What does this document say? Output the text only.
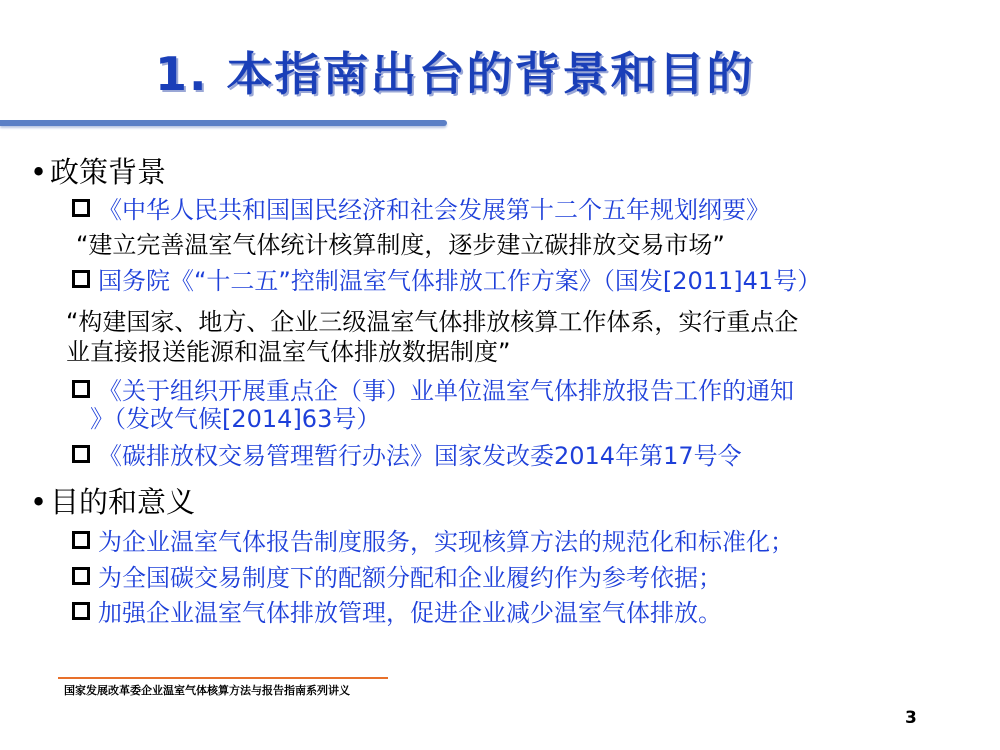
1. 本指南出台的背景和目的
•政策背景
《中华人民共和国国民经济和社会发展第十二个五年规划纲要》
“建立完善温室气体统计核算制度，逐步建立碳排放交易市场”
国务院《“十二五”控制温室气体排放工作方案》（国发[2011]41号）
“构建国家、地方、企业三级温室气体排放核算工作体系，实行重点企
业直接报送能源和温室气体排放数据制度”
《关于组织开展重点企（事）业单位温室气体排放报告工作的通知
》（发改气候[2014]63号）
《碳排放权交易管理暂行办法》国家发改委2014年第17号令
•目的和意义
为企业温室气体报告制度服务，实现核算方法的规范化和标准化；
为全国碳交易制度下的配额分配和企业履约作为参考依据；
加强企业温室气体排放管理，促进企业减少温室气体排放。
国家发展改革委企业温室气体核算方法与报告指南系列讲义
3
